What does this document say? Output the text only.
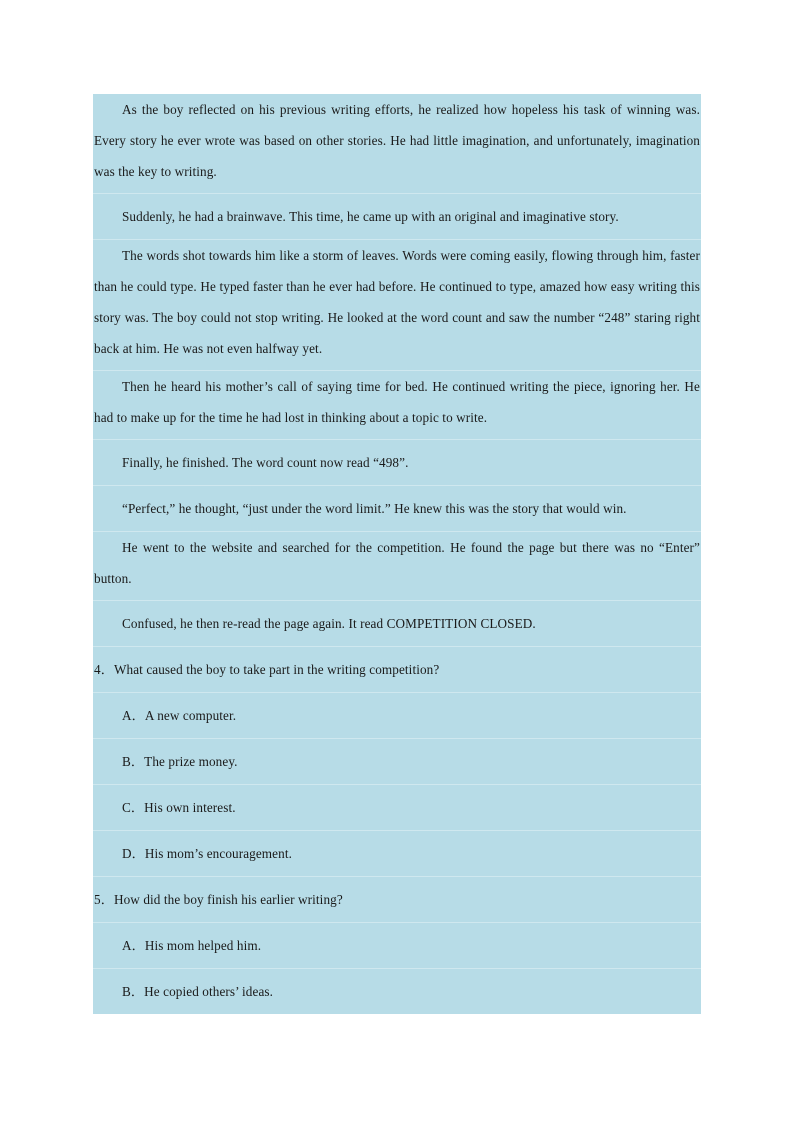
As the boy reflected on his previous writing efforts, he realized how hopeless his task of winning was. Every story he ever wrote was based on other stories. He had little imagination, and unfortunately, imagination was the key to writing.

Suddenly, he had a brainwave. This time, he came up with an original and imaginative story.

The words shot towards him like a storm of leaves. Words were coming easily, flowing through him, faster than he could type. He typed faster than he ever had before. He continued to type, amazed how easy writing this story was. The boy could not stop writing. He looked at the word count and saw the number “248” staring right back at him. He was not even halfway yet.

Then he heard his mother’s call of saying time for bed. He continued writing the piece, ignoring her. He had to make up for the time he had lost in thinking about a topic to write.

Finally, he finished. The word count now read “498”.

“Perfect,” he thought, “just under the word limit.” He knew this was the story that would win.

He went to the website and searched for the competition. He found the page but there was no “Enter” button.

Confused, he then re-read the page again. It read COMPETITION CLOSED.

4．What caused the boy to take part in the writing competition?

A．A new computer.

B．The prize money.

C．His own interest.

D．His mom’s encouragement.

5．How did the boy finish his earlier writing?

A．His mom helped him.

B．He copied others’ ideas.
